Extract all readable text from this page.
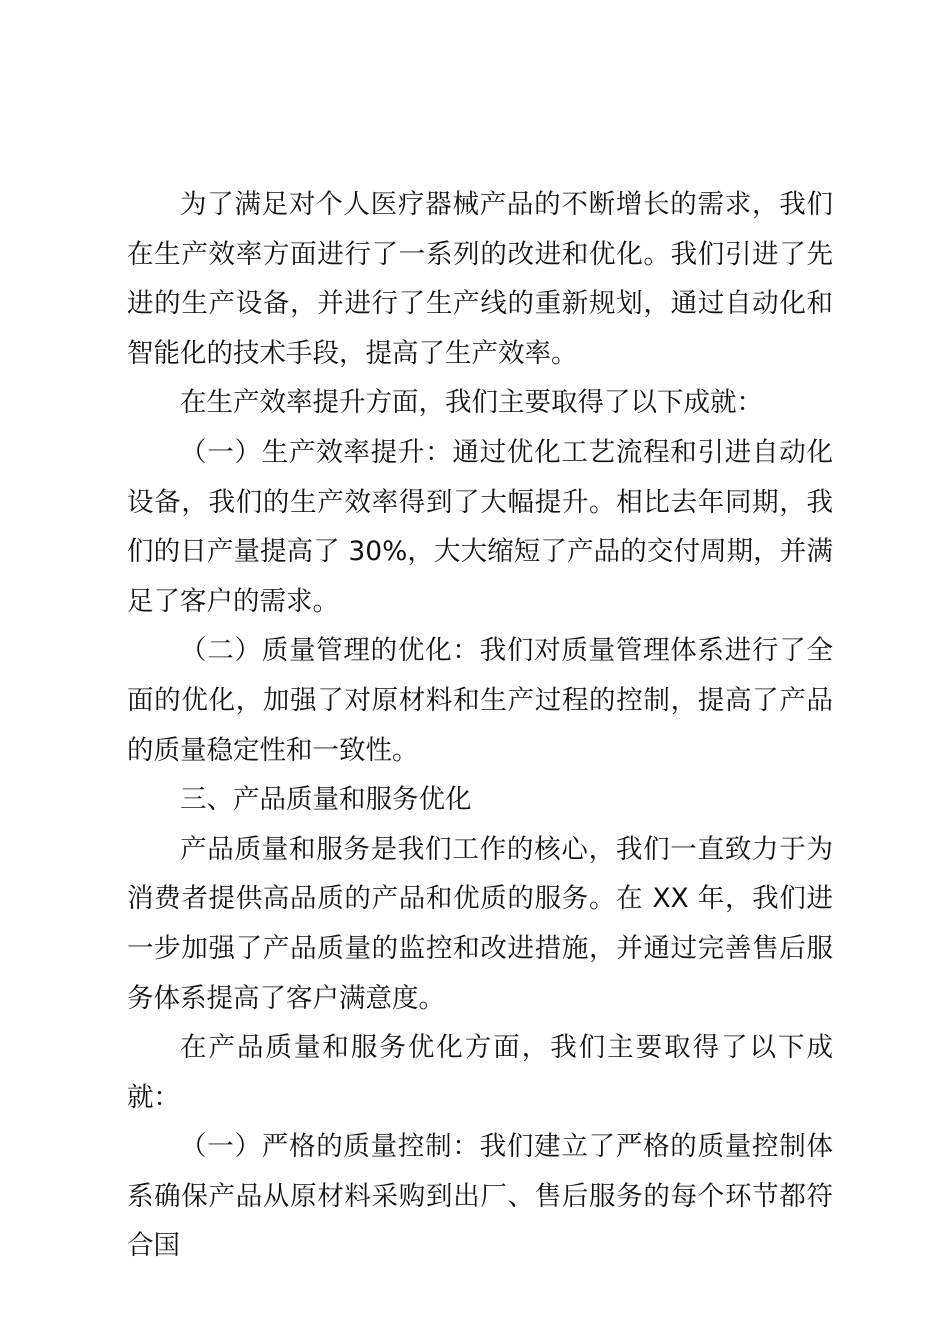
为了满足对个人医疗器械产品的不断增长的需求，我们在生产效率方面进行了一系列的改进和优化。我们引进了先进的生产设备，并进行了生产线的重新规划，通过自动化和智能化的技术手段，提高了生产效率。

在生产效率提升方面，我们主要取得了以下成就：

（一）生产效率提升：通过优化工艺流程和引进自动化设备，我们的生产效率得到了大幅提升。相比去年同期，我们的日产量提高了 30%，大大缩短了产品的交付周期，并满足了客户的需求。

（二）质量管理的优化：我们对质量管理体系进行了全面的优化，加强了对原材料和生产过程的控制，提高了产品的质量稳定性和一致性。

三、产品质量和服务优化

产品质量和服务是我们工作的核心，我们一直致力于为消费者提供高品质的产品和优质的服务。在 XX 年，我们进一步加强了产品质量的监控和改进措施，并通过完善售后服务体系提高了客户满意度。

在产品质量和服务优化方面，我们主要取得了以下成就：

（一）严格的质量控制：我们建立了严格的质量控制体系确保产品从原材料采购到出厂、售后服务的每个环节都符合国
